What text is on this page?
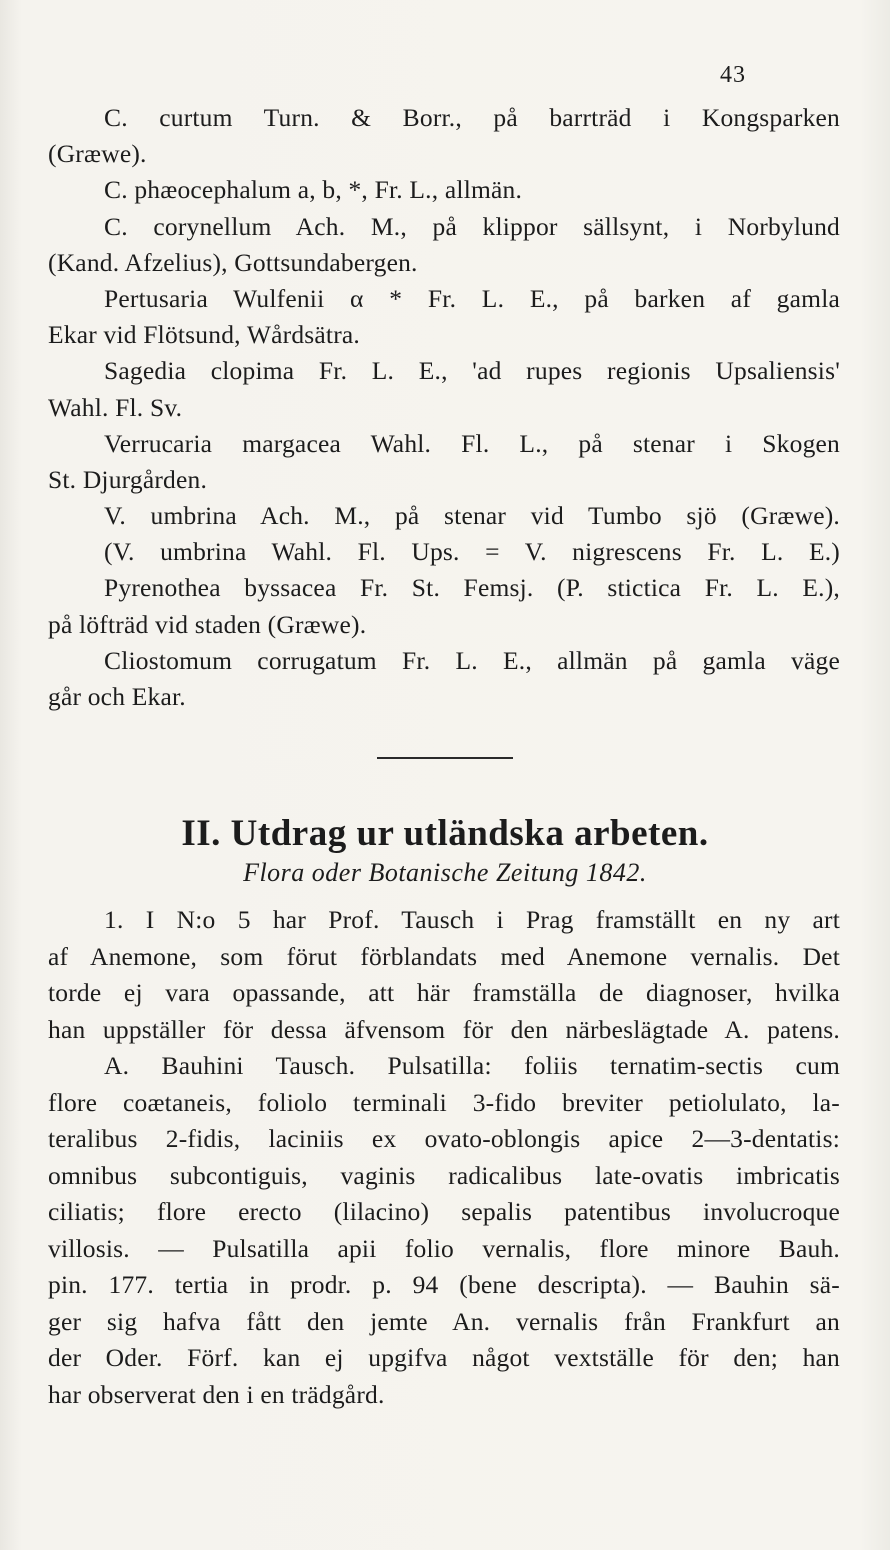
43
C. curtum Turn. & Borr., på barrträd i Kongsparken
(Græwe).
C. phæocephalum a, b, *, Fr. L., allmän.
C. corynellum Ach. M., på klippor sällsynt, i Norbylund
(Kand. Afzelius), Gottsundabergen.
Pertusaria Wulfenii α * Fr. L. E., på barken af gamla
Ekar vid Flötsund, Wårdsätra.
Sagedia clopima Fr. L. E., 'ad rupes regionis Upsaliensis'
Wahl. Fl. Sv.
Verrucaria margacea Wahl. Fl. L., på stenar i Skogen
St. Djurgården.
V. umbrina Ach. M., på stenar vid Tumbo sjö (Græwe).
(V. umbrina Wahl. Fl. Ups. = V. nigrescens Fr. L. E.)
Pyrenothea byssacea Fr. St. Femsj. (P. stictica Fr. L. E.),
på löfträd vid staden (Græwe).
Cliostomum corrugatum Fr. L. E., allmän på gamla väge
går och Ekar.
II. Utdrag ur utländska arbeten.
Flora oder Botanische Zeitung 1842.
1. I N:o 5 har Prof. Tausch i Prag framställt en ny art
af Anemone, som förut förblandats med Anemone vernalis. Det
torde ej vara opassande, att här framställa de diagnoser, hvilka
han uppställer för dessa äfvensom för den närbeslägtade A. patens.
A. Bauhini Tausch. Pulsatilla: foliis ternatim-sectis cum
flore coætaneis, foliolo terminali 3-fido breviter petiolulato, la-
teralibus 2-fidis, laciniis ex ovato-oblongis apice 2—3-dentatis:
omnibus subcontiguis, vaginis radicalibus late-ovatis imbricatis
ciliatis; flore erecto (lilacino) sepalis patentibus involucroque
villosis. — Pulsatilla apii folio vernalis, flore minore Bauh.
pin. 177. tertia in prodr. p. 94 (bene descripta). — Bauhin sä-
ger sig hafva fått den jemte An. vernalis från Frankfurt an
der Oder. Förf. kan ej upgifva något vextställe för den; han
har observerat den i en trädgård.
